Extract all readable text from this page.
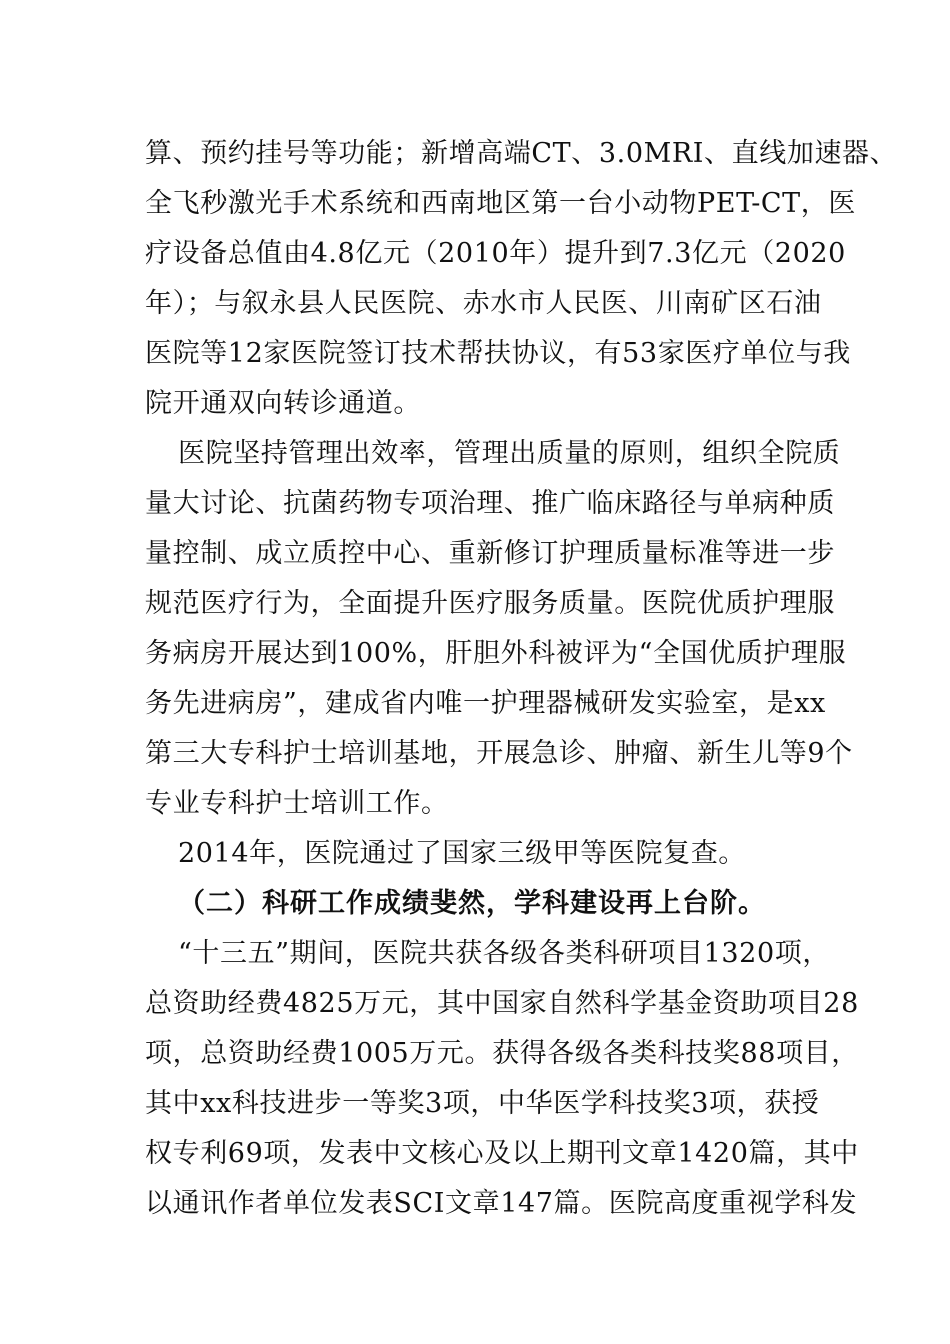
算、预约挂号等功能；新增高端CT、3.0MRI、直线加速器、
全飞秒激光手术系统和西南地区第一台小动物PET-CT，医
疗设备总值由4.8亿元（2010年）提升到7.3亿元（2020
年）；与叙永县人民医院、赤水市人民医、川南矿区石油
医院等12家医院签订技术帮扶协议，有53家医疗单位与我
院开通双向转诊通道。
医院坚持管理出效率，管理出质量的原则，组织全院质
量大讨论、抗菌药物专项治理、推广临床路径与单病种质
量控制、成立质控中心、重新修订护理质量标准等进一步
规范医疗行为，全面提升医疗服务质量。医院优质护理服
务病房开展达到100%，肝胆外科被评为“全国优质护理服
务先进病房”，建成省内唯一护理器械研发实验室，是xx
第三大专科护士培训基地，开展急诊、肿瘤、新生儿等9个
专业专科护士培训工作。
2014年，医院通过了国家三级甲等医院复查。
（二）科研工作成绩斐然，学科建设再上台阶。
“十三五”期间，医院共获各级各类科研项目1320项，
总资助经费4825万元，其中国家自然科学基金资助项目28
项，总资助经费1005万元。获得各级各类科技奖88项目，
其中xx科技进步一等奖3项，中华医学科技奖3项，获授
权专利69项，发表中文核心及以上期刊文章1420篇，其中
以通讯作者单位发表SCI文章147篇。医院高度重视学科发
